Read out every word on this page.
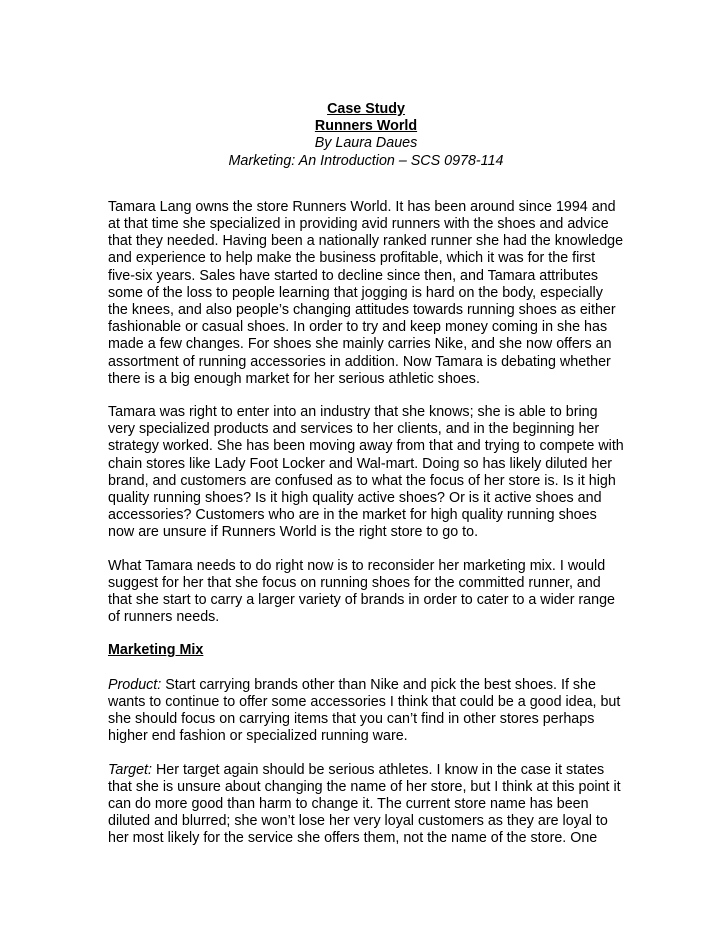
Case Study
Runners World
By Laura Daues
Marketing: An Introduction – SCS 0978-114

Tamara Lang owns the store Runners World. It has been around since 1994 and at that time she specialized in providing avid runners with the shoes and advice that they needed. Having been a nationally ranked runner she had the knowledge and experience to help make the business profitable, which it was for the first five-six years. Sales have started to decline since then, and Tamara attributes some of the loss to people learning that jogging is hard on the body, especially the knees, and also people’s changing attitudes towards running shoes as either fashionable or casual shoes. In order to try and keep money coming in she has made a few changes. For shoes she mainly carries Nike, and she now offers an assortment of running accessories in addition. Now Tamara is debating whether there is a big enough market for her serious athletic shoes.

Tamara was right to enter into an industry that she knows; she is able to bring very specialized products and services to her clients, and in the beginning her strategy worked. She has been moving away from that and trying to compete with chain stores like Lady Foot Locker and Wal-mart. Doing so has likely diluted her brand, and customers are confused as to what the focus of her store is. Is it high quality running shoes? Is it high quality active shoes? Or is it active shoes and accessories? Customers who are in the market for high quality running shoes now are unsure if Runners World is the right store to go to.

What Tamara needs to do right now is to reconsider her marketing mix. I would suggest for her that she focus on running shoes for the committed runner, and that she start to carry a larger variety of brands in order to cater to a wider range of runners needs.

Marketing Mix

Product: Start carrying brands other than Nike and pick the best shoes. If she wants to continue to offer some accessories I think that could be a good idea, but she should focus on carrying items that you can’t find in other stores perhaps higher end fashion or specialized running ware.

Target: Her target again should be serious athletes. I know in the case it states that she is unsure about changing the name of her store, but I think at this point it can do more good than harm to change it. The current store name has been diluted and blurred; she won’t lose her very loyal customers as they are loyal to her most likely for the service she offers them, not the name of the store. One
